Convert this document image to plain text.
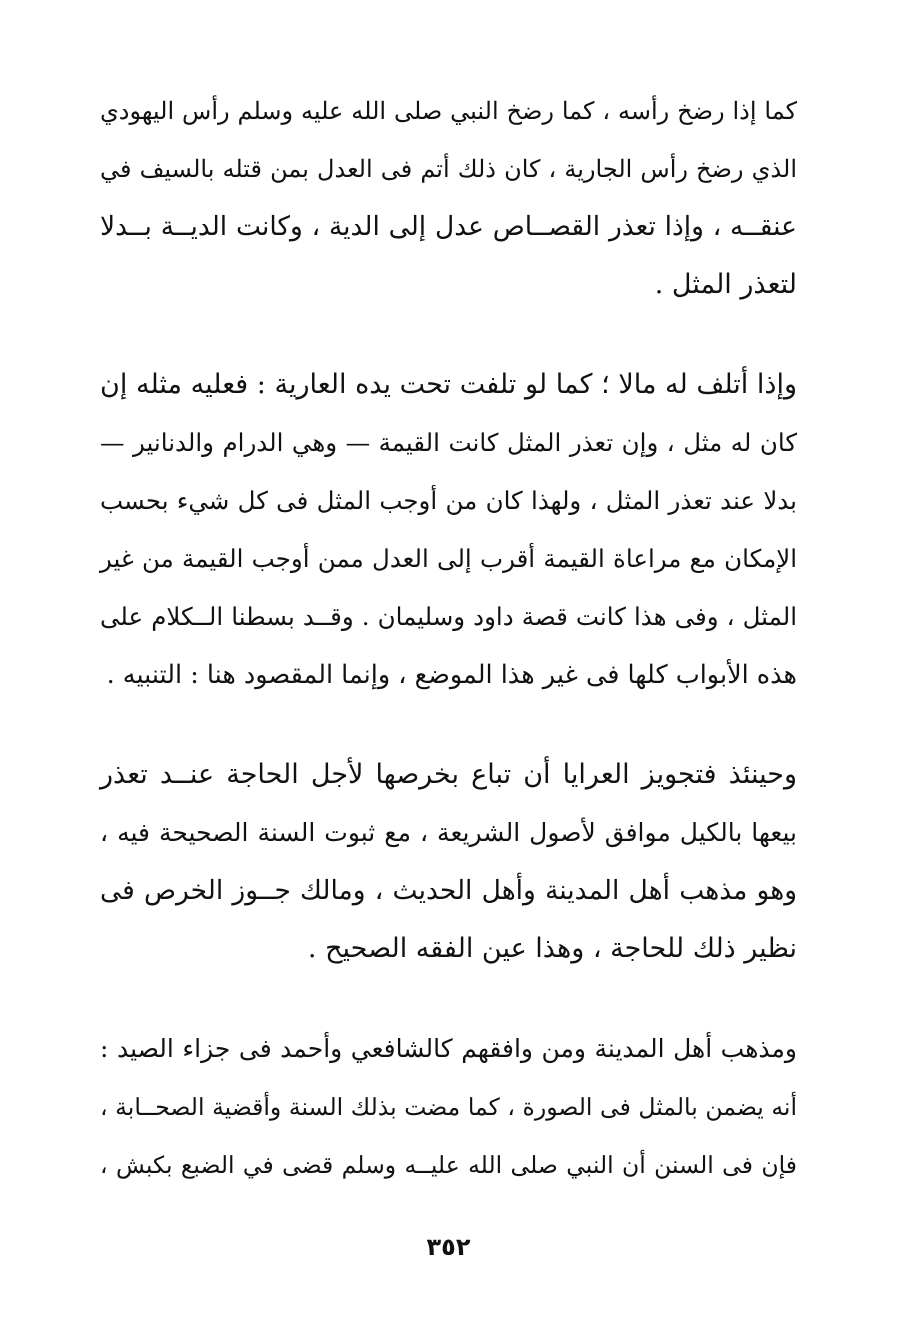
كما إذا رضخ رأسه ، كما رضخ النبي صلى الله عليه وسلم رأس اليهودي
الذي رضخ رأس الجارية ، كان ذلك أتم فى العدل بمن قتله بالسيف في
عنقــه ، وإذا تعذر القصــاص عدل إلى الدية ، وكانت الديــة بــدلا
لتعذر المثل .
وإذا أتلف له مالا ؛ كما لو تلفت تحت يده العارية : فعليه مثله إن
كان له مثل ، وإن تعذر المثل كانت القيمة — وهي الدرام والدنانير —
بدلا عند تعذر المثل ، ولهذا كان من أوجب المثل فى كل شيء بحسب
الإمكان مع مراعاة القيمة أقرب إلى العدل ممن أوجب القيمة من غير
المثل ، وفى هذا كانت قصة داود وسليمان . وقــد بسطنا الــكلام على
هذه الأبواب كلها فى غير هذا الموضع ، وإنما المقصود هنا : التنبيه .
وحينئذ فتجويز العرايا أن تباع بخرصها لأجل الحاجة عنــد تعذر
بيعها بالكيل موافق لأصول الشريعة ، مع ثبوت السنة الصحيحة فيه ،
وهو مذهب أهل المدينة وأهل الحديث ، ومالك جــوز الخرص فى
نظير ذلك للحاجة ، وهذا عين الفقه الصحيح .
ومذهب أهل المدينة ومن وافقهم كالشافعي وأحمد فى جزاء الصيد :
أنه يضمن بالمثل فى الصورة ، كما مضت بذلك السنة وأقضية الصحــابة ،
فإن فى السنن أن النبي صلى الله عليــه وسلم قضى في الضبع بكبش ،
٣٥٢
